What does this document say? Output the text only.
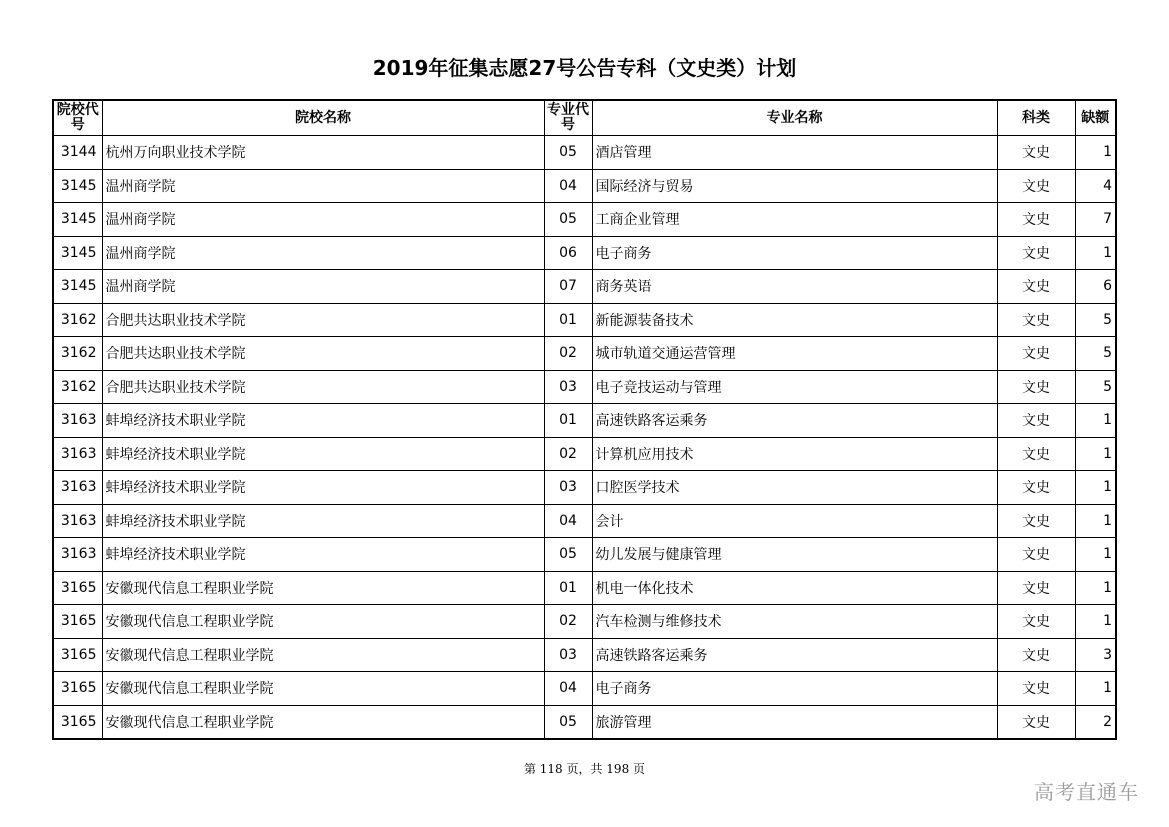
2019年征集志愿27号公告专科（文史类）计划
院校代号	院校名称	专业代号	专业名称	科类	缺额
3144	杭州万向职业技术学院	05	酒店管理	文史	1
3145	温州商学院	04	国际经济与贸易	文史	4
3145	温州商学院	05	工商企业管理	文史	7
3145	温州商学院	06	电子商务	文史	1
3145	温州商学院	07	商务英语	文史	6
3162	合肥共达职业技术学院	01	新能源装备技术	文史	5
3162	合肥共达职业技术学院	02	城市轨道交通运营管理	文史	5
3162	合肥共达职业技术学院	03	电子竞技运动与管理	文史	5
3163	蚌埠经济技术职业学院	01	高速铁路客运乘务	文史	1
3163	蚌埠经济技术职业学院	02	计算机应用技术	文史	1
3163	蚌埠经济技术职业学院	03	口腔医学技术	文史	1
3163	蚌埠经济技术职业学院	04	会计	文史	1
3163	蚌埠经济技术职业学院	05	幼儿发展与健康管理	文史	1
3165	安徽现代信息工程职业学院	01	机电一体化技术	文史	1
3165	安徽现代信息工程职业学院	02	汽车检测与维修技术	文史	1
3165	安徽现代信息工程职业学院	03	高速铁路客运乘务	文史	3
3165	安徽现代信息工程职业学院	04	电子商务	文史	1
3165	安徽现代信息工程职业学院	05	旅游管理	文史	2
第 118 页，共 198 页
高考直通车
